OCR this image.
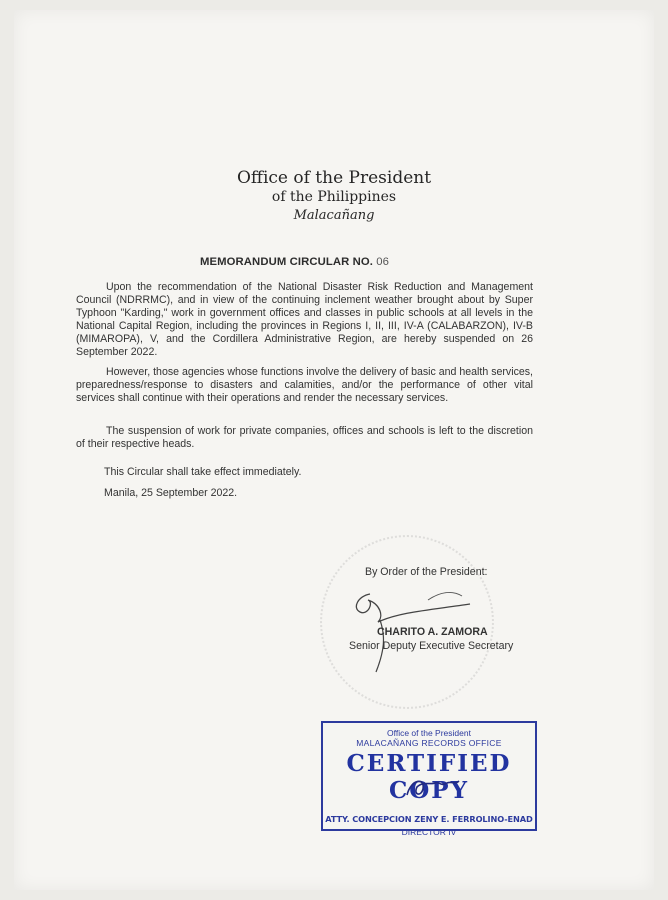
Office of the President
of the Philippines
Malacañang
MEMORANDUM CIRCULAR NO. 06
Upon the recommendation of the National Disaster Risk Reduction and Management Council (NDRRMC), and in view of the continuing inclement weather brought about by Super Typhoon "Karding," work in government offices and classes in public schools at all levels in the National Capital Region, including the provinces in Regions I, II, III, IV-A (CALABARZON), IV-B (MIMAROPA), V, and the Cordillera Administrative Region, are hereby suspended on 26 September 2022.
However, those agencies whose functions involve the delivery of basic and health services, preparedness/response to disasters and calamities, and/or the performance of other vital services shall continue with their operations and render the necessary services.
The suspension of work for private companies, offices and schools is left to the discretion of their respective heads.
This Circular shall take effect immediately.
Manila, 25 September 2022.
By Order of the President:
CHARITO A. ZAMORA
Senior Deputy Executive Secretary
Office of the President
MALACAÑANG RECORDS OFFICE
CERTIFIED COPY
ATTY. CONCEPCION ZENY E. FERROLINO-ENAD
DIRECTOR IV
